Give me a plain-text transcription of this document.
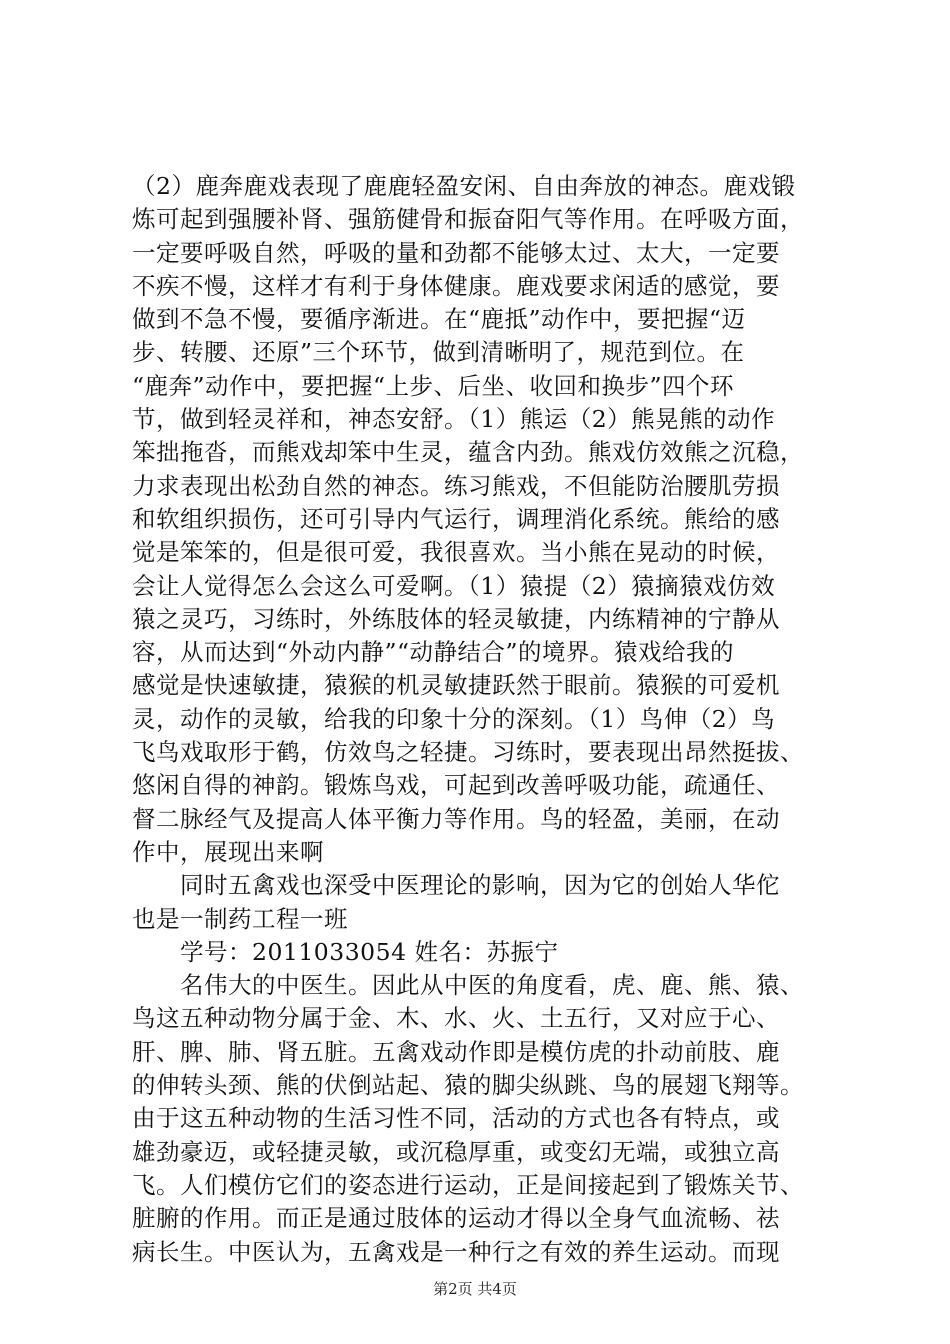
（2）鹿奔鹿戏表现了鹿鹿轻盈安闲、自由奔放的神态。鹿戏锻
炼可起到强腰补肾、强筋健骨和振奋阳气等作用。在呼吸方面，
一定要呼吸自然，呼吸的量和劲都不能够太过、太大，一定要
不疾不慢，这样才有利于身体健康。鹿戏要求闲适的感觉，要
做到不急不慢，要循序渐进。在“鹿抵”动作中，要把握“迈
步、转腰、还原”三个环节，做到清晰明了，规范到位。在
“鹿奔”动作中，要把握“上步、后坐、收回和换步”四个环
节，做到轻灵祥和，神态安舒。（1）熊运（2）熊晃熊的动作
笨拙拖沓，而熊戏却笨中生灵，蕴含内劲。熊戏仿效熊之沉稳，
力求表现出松劲自然的神态。练习熊戏，不但能防治腰肌劳损
和软组织损伤，还可引导内气运行，调理消化系统。熊给的感
觉是笨笨的，但是很可爱，我很喜欢。当小熊在晃动的时候，
会让人觉得怎么会这么可爱啊。（1）猿提（2）猿摘猿戏仿效
猿之灵巧，习练时，外练肢体的轻灵敏捷，内练精神的宁静从
容，从而达到“外动内静”“动静结合”的境界。猿戏给我的
感觉是快速敏捷，猿猴的机灵敏捷跃然于眼前。猿猴的可爱机
灵，动作的灵敏，给我的印象十分的深刻。（1）鸟伸（2）鸟
飞鸟戏取形于鹤，仿效鸟之轻捷。习练时，要表现出昂然挺拔、
悠闲自得的神韵。锻炼鸟戏，可起到改善呼吸功能，疏通任、
督二脉经气及提高人体平衡力等作用。鸟的轻盈，美丽，在动
作中，展现出来啊
同时五禽戏也深受中医理论的影响，因为它的创始人华佗
也是一制药工程一班
学号：2011033054 姓名：苏振宁
名伟大的中医生。因此从中医的角度看，虎、鹿、熊、猿、
鸟这五种动物分属于金、木、水、火、土五行，又对应于心、
肝、脾、肺、肾五脏。五禽戏动作即是模仿虎的扑动前肢、鹿
的伸转头颈、熊的伏倒站起、猿的脚尖纵跳、鸟的展翅飞翔等。
由于这五种动物的生活习性不同，活动的方式也各有特点，或
雄劲豪迈，或轻捷灵敏，或沉稳厚重，或变幻无端，或独立高
飞。人们模仿它们的姿态进行运动，正是间接起到了锻炼关节、
脏腑的作用。而正是通过肢体的运动才得以全身气血流畅、祛
病长生。中医认为，五禽戏是一种行之有效的养生运动。而现
第2页 共4页
